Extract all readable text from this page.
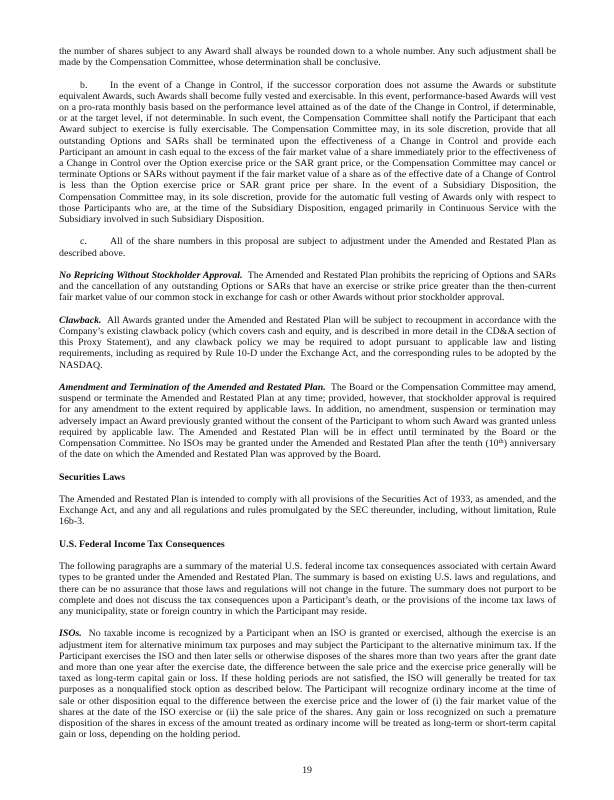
the number of shares subject to any Award shall always be rounded down to a whole number. Any such adjustment shall be made by the Compensation Committee, whose determination shall be conclusive.

b. In the event of a Change in Control, if the successor corporation does not assume the Awards or substitute equivalent Awards, such Awards shall become fully vested and exercisable. In this event, performance-based Awards will vest on a pro-rata monthly basis based on the performance level attained as of the date of the Change in Control, if determinable, or at the target level, if not determinable. In such event, the Compensation Committee shall notify the Participant that each Award subject to exercise is fully exercisable. The Compensation Committee may, in its sole discretion, provide that all outstanding Options and SARs shall be terminated upon the effectiveness of a Change in Control and provide each Participant an amount in cash equal to the excess of the fair market value of a share immediately prior to the effectiveness of a Change in Control over the Option exercise price or the SAR grant price, or the Compensation Committee may cancel or terminate Options or SARs without payment if the fair market value of a share as of the effective date of a Change of Control is less than the Option exercise price or SAR grant price per share. In the event of a Subsidiary Disposition, the Compensation Committee may, in its sole discretion, provide for the automatic full vesting of Awards only with respect to those Participants who are, at the time of the Subsidiary Disposition, engaged primarily in Continuous Service with the Subsidiary involved in such Subsidiary Disposition.

c. All of the share numbers in this proposal are subject to adjustment under the Amended and Restated Plan as described above.

No Repricing Without Stockholder Approval. The Amended and Restated Plan prohibits the repricing of Options and SARs and the cancellation of any outstanding Options or SARs that have an exercise or strike price greater than the then-current fair market value of our common stock in exchange for cash or other Awards without prior stockholder approval.

Clawback. All Awards granted under the Amended and Restated Plan will be subject to recoupment in accordance with the Company’s existing clawback policy (which covers cash and equity, and is described in more detail in the CD&A section of this Proxy Statement), and any clawback policy we may be required to adopt pursuant to applicable law and listing requirements, including as required by Rule 10-D under the Exchange Act, and the corresponding rules to be adopted by the NASDAQ.

Amendment and Termination of the Amended and Restated Plan. The Board or the Compensation Committee may amend, suspend or terminate the Amended and Restated Plan at any time; provided, however, that stockholder approval is required for any amendment to the extent required by applicable laws. In addition, no amendment, suspension or termination may adversely impact an Award previously granted without the consent of the Participant to whom such Award was granted unless required by applicable law. The Amended and Restated Plan will be in effect until terminated by the Board or the Compensation Committee. No ISOs may be granted under the Amended and Restated Plan after the tenth (10th) anniversary of the date on which the Amended and Restated Plan was approved by the Board.

Securities Laws

The Amended and Restated Plan is intended to comply with all provisions of the Securities Act of 1933, as amended, and the Exchange Act, and any and all regulations and rules promulgated by the SEC thereunder, including, without limitation, Rule 16b-3.

U.S. Federal Income Tax Consequences

The following paragraphs are a summary of the material U.S. federal income tax consequences associated with certain Award types to be granted under the Amended and Restated Plan. The summary is based on existing U.S. laws and regulations, and there can be no assurance that those laws and regulations will not change in the future. The summary does not purport to be complete and does not discuss the tax consequences upon a Participant’s death, or the provisions of the income tax laws of any municipality, state or foreign country in which the Participant may reside.

ISOs. No taxable income is recognized by a Participant when an ISO is granted or exercised, although the exercise is an adjustment item for alternative minimum tax purposes and may subject the Participant to the alternative minimum tax. If the Participant exercises the ISO and then later sells or otherwise disposes of the shares more than two years after the grant date and more than one year after the exercise date, the difference between the sale price and the exercise price generally will be taxed as long-term capital gain or loss. If these holding periods are not satisfied, the ISO will generally be treated for tax purposes as a nonqualified stock option as described below. The Participant will recognize ordinary income at the time of sale or other disposition equal to the difference between the exercise price and the lower of (i) the fair market value of the shares at the date of the ISO exercise or (ii) the sale price of the shares. Any gain or loss recognized on such a premature disposition of the shares in excess of the amount treated as ordinary income will be treated as long-term or short-term capital gain or loss, depending on the holding period.

19
